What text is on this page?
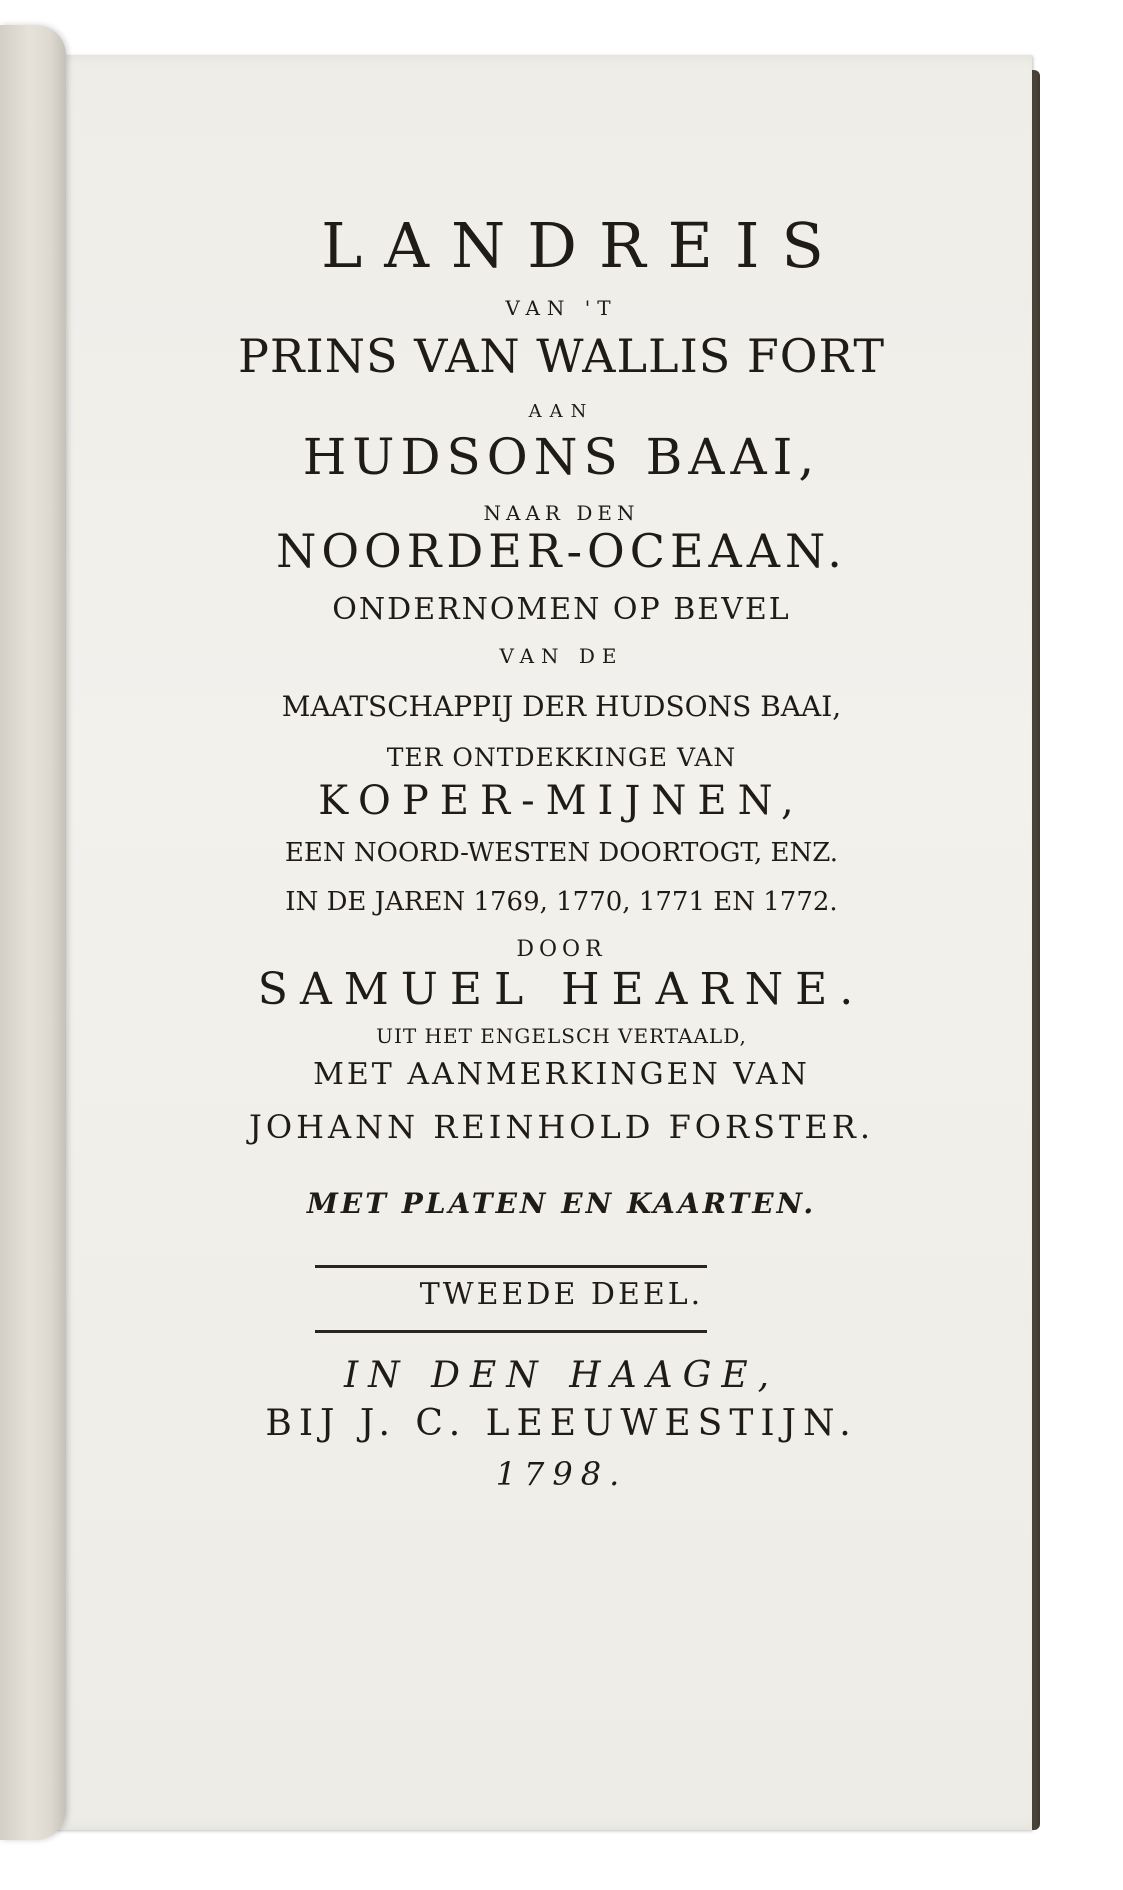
LANDREIS
VAN 'T
PRINS VAN WALLIS FORT
AAN
HUDSONS BAAI,
NAAR DEN
NOORDER-OCEAAN.
ONDERNOMEN OP BEVEL
VAN DE
MAATSCHAPPIJ DER HUDSONS BAAI,
TER ONTDEKKINGE VAN
KOPER-MIJNEN,
EEN NOORD-WESTEN DOORTOGT, ENZ.
IN DE JAREN 1769, 1770, 1771 EN 1772.
DOOR
SAMUEL HEARNE.
UIT HET ENGELSCH VERTAALD,
MET AANMERKINGEN VAN
JOHANN REINHOLD FORSTER.
MET PLATEN EN KAARTEN.
TWEEDE DEEL.
IN DEN HAAGE,
BIJ J. C. LEEUWESTIJN.
1798.
